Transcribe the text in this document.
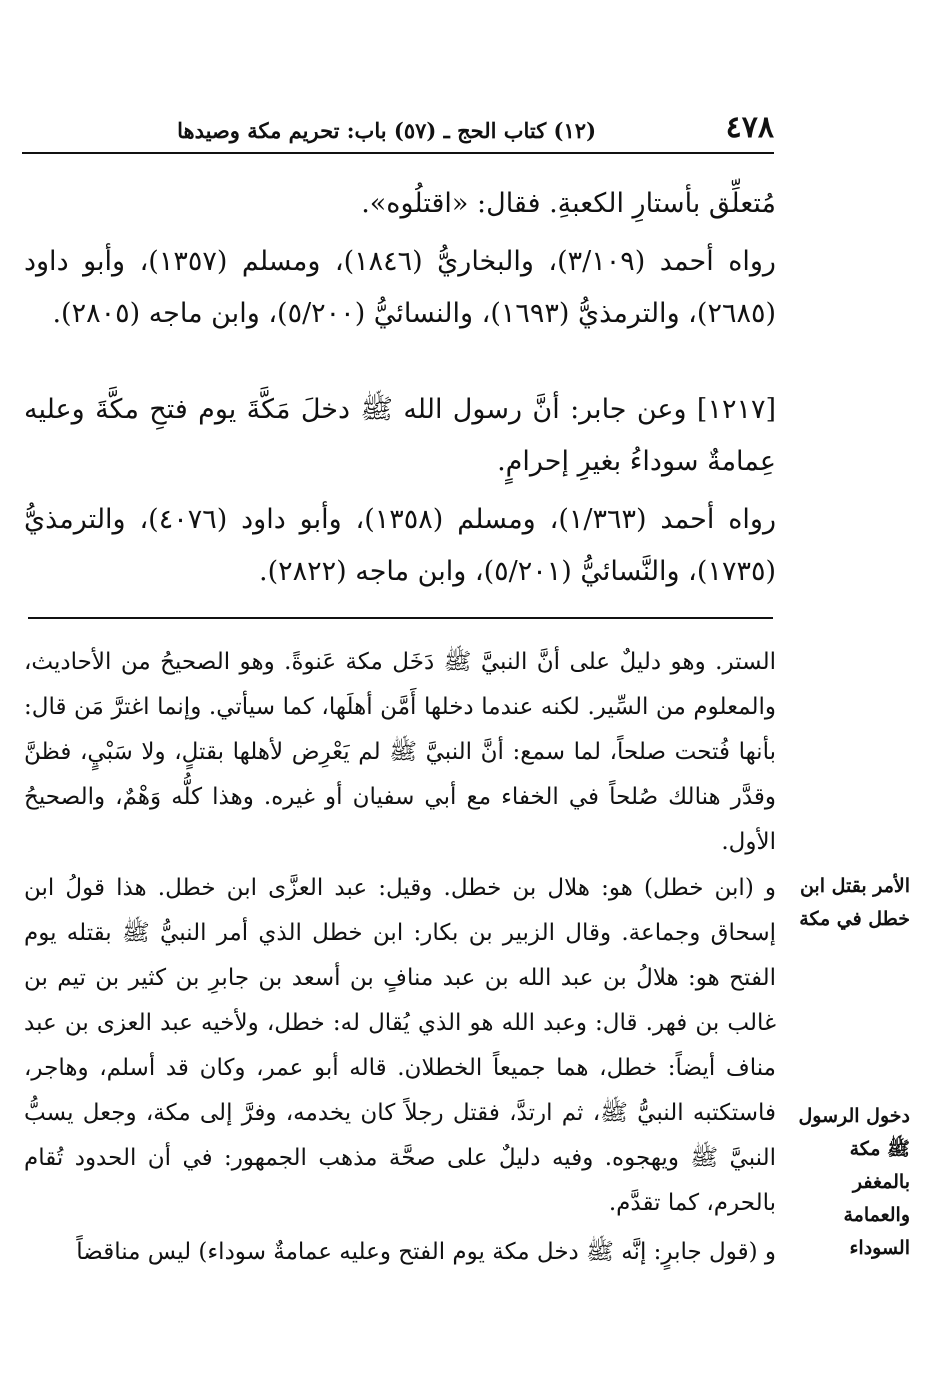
٤٧٨
(١٢) كتاب الحج ـ (٥٧) باب: تحريم مكة وصيدها

مُتعلِّق بأستارِ الكعبةِ. فقال: «اقتلُوه».

رواه أحمد (٣/١٠٩)، والبخاريُّ (١٨٤٦)، ومسلم (١٣٥٧)، وأبو داود (٢٦٨٥)، والترمذيُّ (١٦٩٣)، والنسائيُّ (٥/٢٠٠)، وابن ماجه (٢٨٠٥).

[١٢١٧] وعن جابر: أنَّ رسول الله ﷺ دخلَ مَكَّةَ يوم فتحِ مكَّةَ وعليه عِمامةٌ سوداءُ بغيرِ إحرامٍ.

رواه أحمد (١/٣٦٣)، ومسلم (١٣٥٨)، وأبو داود (٤٠٧٦)، والترمذيُّ (١٧٣٥)، والنَّسائيُّ (٥/٢٠١)، وابن ماجه (٢٨٢٢).

الستر. وهو دليلٌ على أنَّ النبيَّ ﷺ دَخَل مكة عَنوةً. وهو الصحيحُ من الأحاديث، والمعلوم من السِّير. لكنه عندما دخلها أَمَّن أهلَها، كما سيأتي. وإنما اغترَّ مَن قال: بأنها فُتحت صلحاً، لما سمع: أنَّ النبيَّ ﷺ لم يَعْرِض لأهلها بقتلٍ، ولا سَبْيٍ، فظنَّ وقدَّر هنالك صُلحاً في الخفاء مع أبي سفيان أو غيره. وهذا كلُّه وَهْمٌ، والصحيحُ الأول.

و (ابن خطل) هو: هلال بن خطل. وقيل: عبد العزَّى ابن خطل. هذا قولُ ابن إسحاق وجماعة. وقال الزبير بن بكار: ابن خطل الذي أمر النبيُّ ﷺ بقتله يوم الفتح هو: هلالُ بن عبد الله بن عبد منافٍ بن أسعد بن جابرِ بن كثير بن تيم بن غالب بن فهر. قال: وعبد الله هو الذي يُقال له: خطل، ولأخيه عبد العزى بن عبد مناف أيضاً: خطل، هما جميعاً الخطلان. قاله أبو عمر، وكان قد أسلم، وهاجر، فاستكتبه النبيُّ ﷺ، ثم ارتدَّ، فقتل رجلاً كان يخدمه، وفرَّ إلى مكة، وجعل يسبُّ النبيَّ ﷺ ويهجوه. وفيه دليلٌ على صحَّة مذهب الجمهور: في أن الحدود تُقام بالحرم، كما تقدَّم.

و (قول جابرٍ: إنَّه ﷺ دخل مكة يوم الفتح وعليه عمامةٌ سوداء) ليس مناقضاً

الأمر بقتل ابن
خطل في مكة
دخول الرسول
ﷺ مكة
بالمغفر
والعمامة
السوداء
